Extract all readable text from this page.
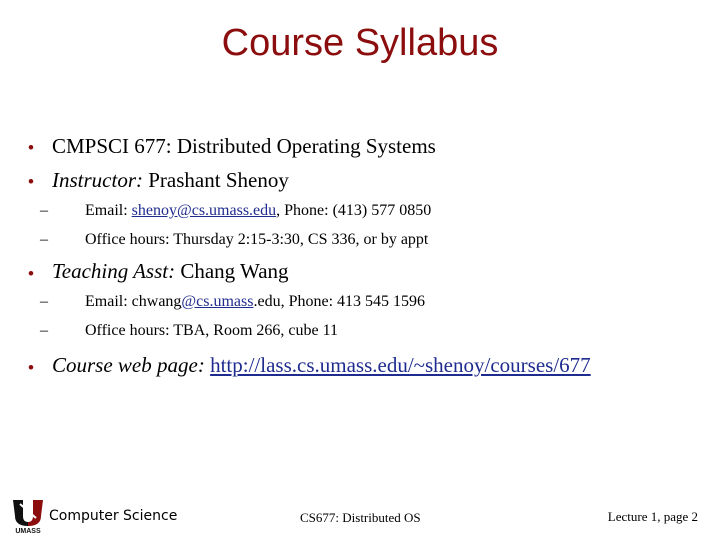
Course Syllabus
• CMPSCI 677: Distributed Operating Systems
• Instructor: Prashant Shenoy
– Email: shenoy@cs.umass.edu, Phone: (413) 577 0850
– Office hours: Thursday 2:15-3:30, CS 336, or by appt
• Teaching Asst: Chang Wang
– Email: chwang@cs.umass.edu, Phone: 413 545 1596
– Office hours: TBA, Room 266, cube 11
• Course web page: http://lass.cs.umass.edu/~shenoy/courses/677
UMASS
Computer Science	CS677: Distributed OS	Lecture 1, page 2
